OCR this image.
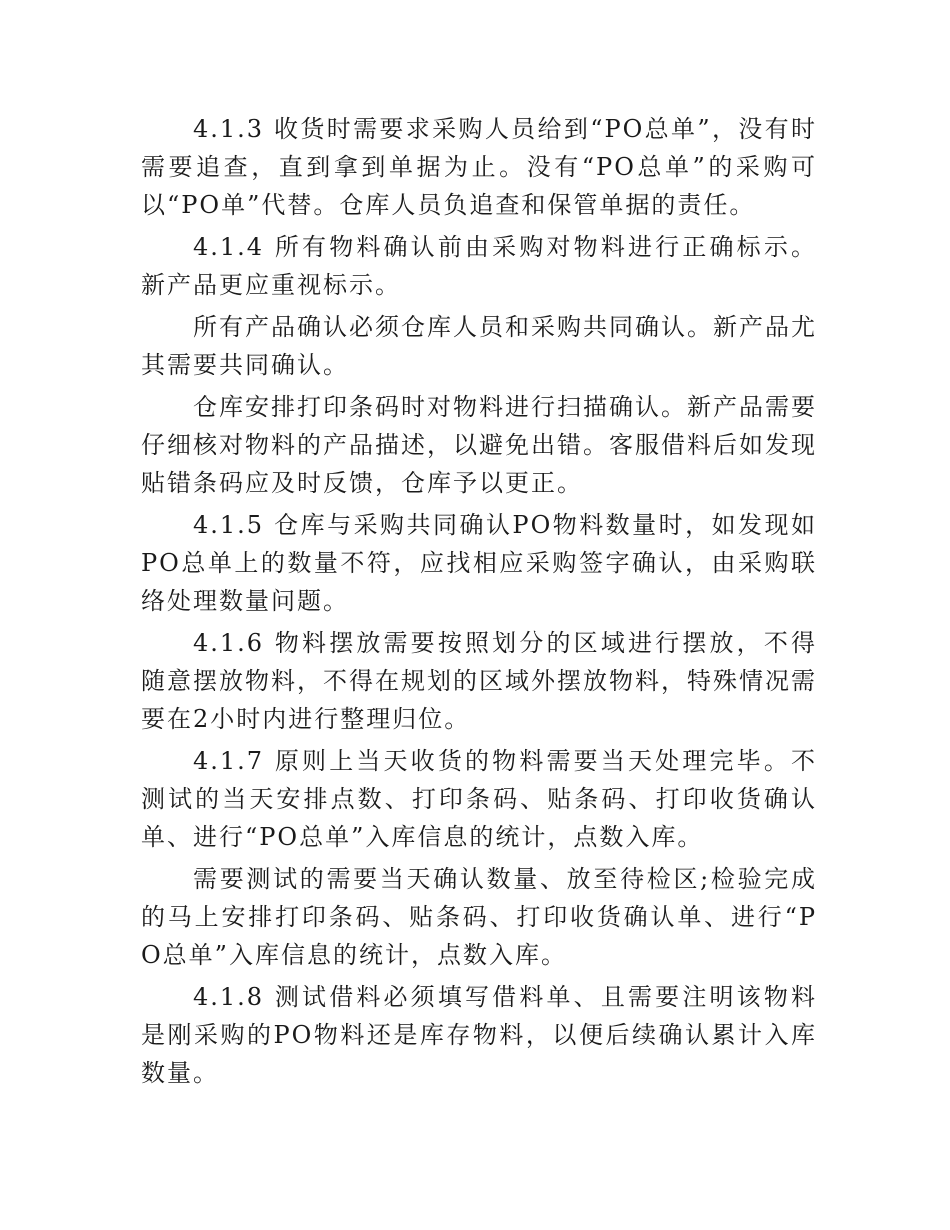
4.1.3 收货时需要求采购人员给到“PO总单”，没有时需要追查，直到拿到单据为止。没有“PO总单”的采购可以“PO单”代替。仓库人员负追查和保管单据的责任。

4.1.4 所有物料确认前由采购对物料进行正确标示。新产品更应重视标示。

所有产品确认必须仓库人员和采购共同确认。新产品尤其需要共同确认。

仓库安排打印条码时对物料进行扫描确认。新产品需要仔细核对物料的产品描述，以避免出错。客服借料后如发现贴错条码应及时反馈，仓库予以更正。

4.1.5 仓库与采购共同确认PO物料数量时，如发现如PO总单上的数量不符，应找相应采购签字确认，由采购联络处理数量问题。

4.1.6 物料摆放需要按照划分的区域进行摆放，不得随意摆放物料，不得在规划的区域外摆放物料，特殊情况需要在2小时内进行整理归位。

4.1.7 原则上当天收货的物料需要当天处理完毕。不测试的当天安排点数、打印条码、贴条码、打印收货确认单、进行“PO总单”入库信息的统计，点数入库。

需要测试的需要当天确认数量、放至待检区;检验完成的马上安排打印条码、贴条码、打印收货确认单、进行“PO总单”入库信息的统计，点数入库。

4.1.8 测试借料必须填写借料单、且需要注明该物料是刚采购的PO物料还是库存物料，以便后续确认累计入库数量。
